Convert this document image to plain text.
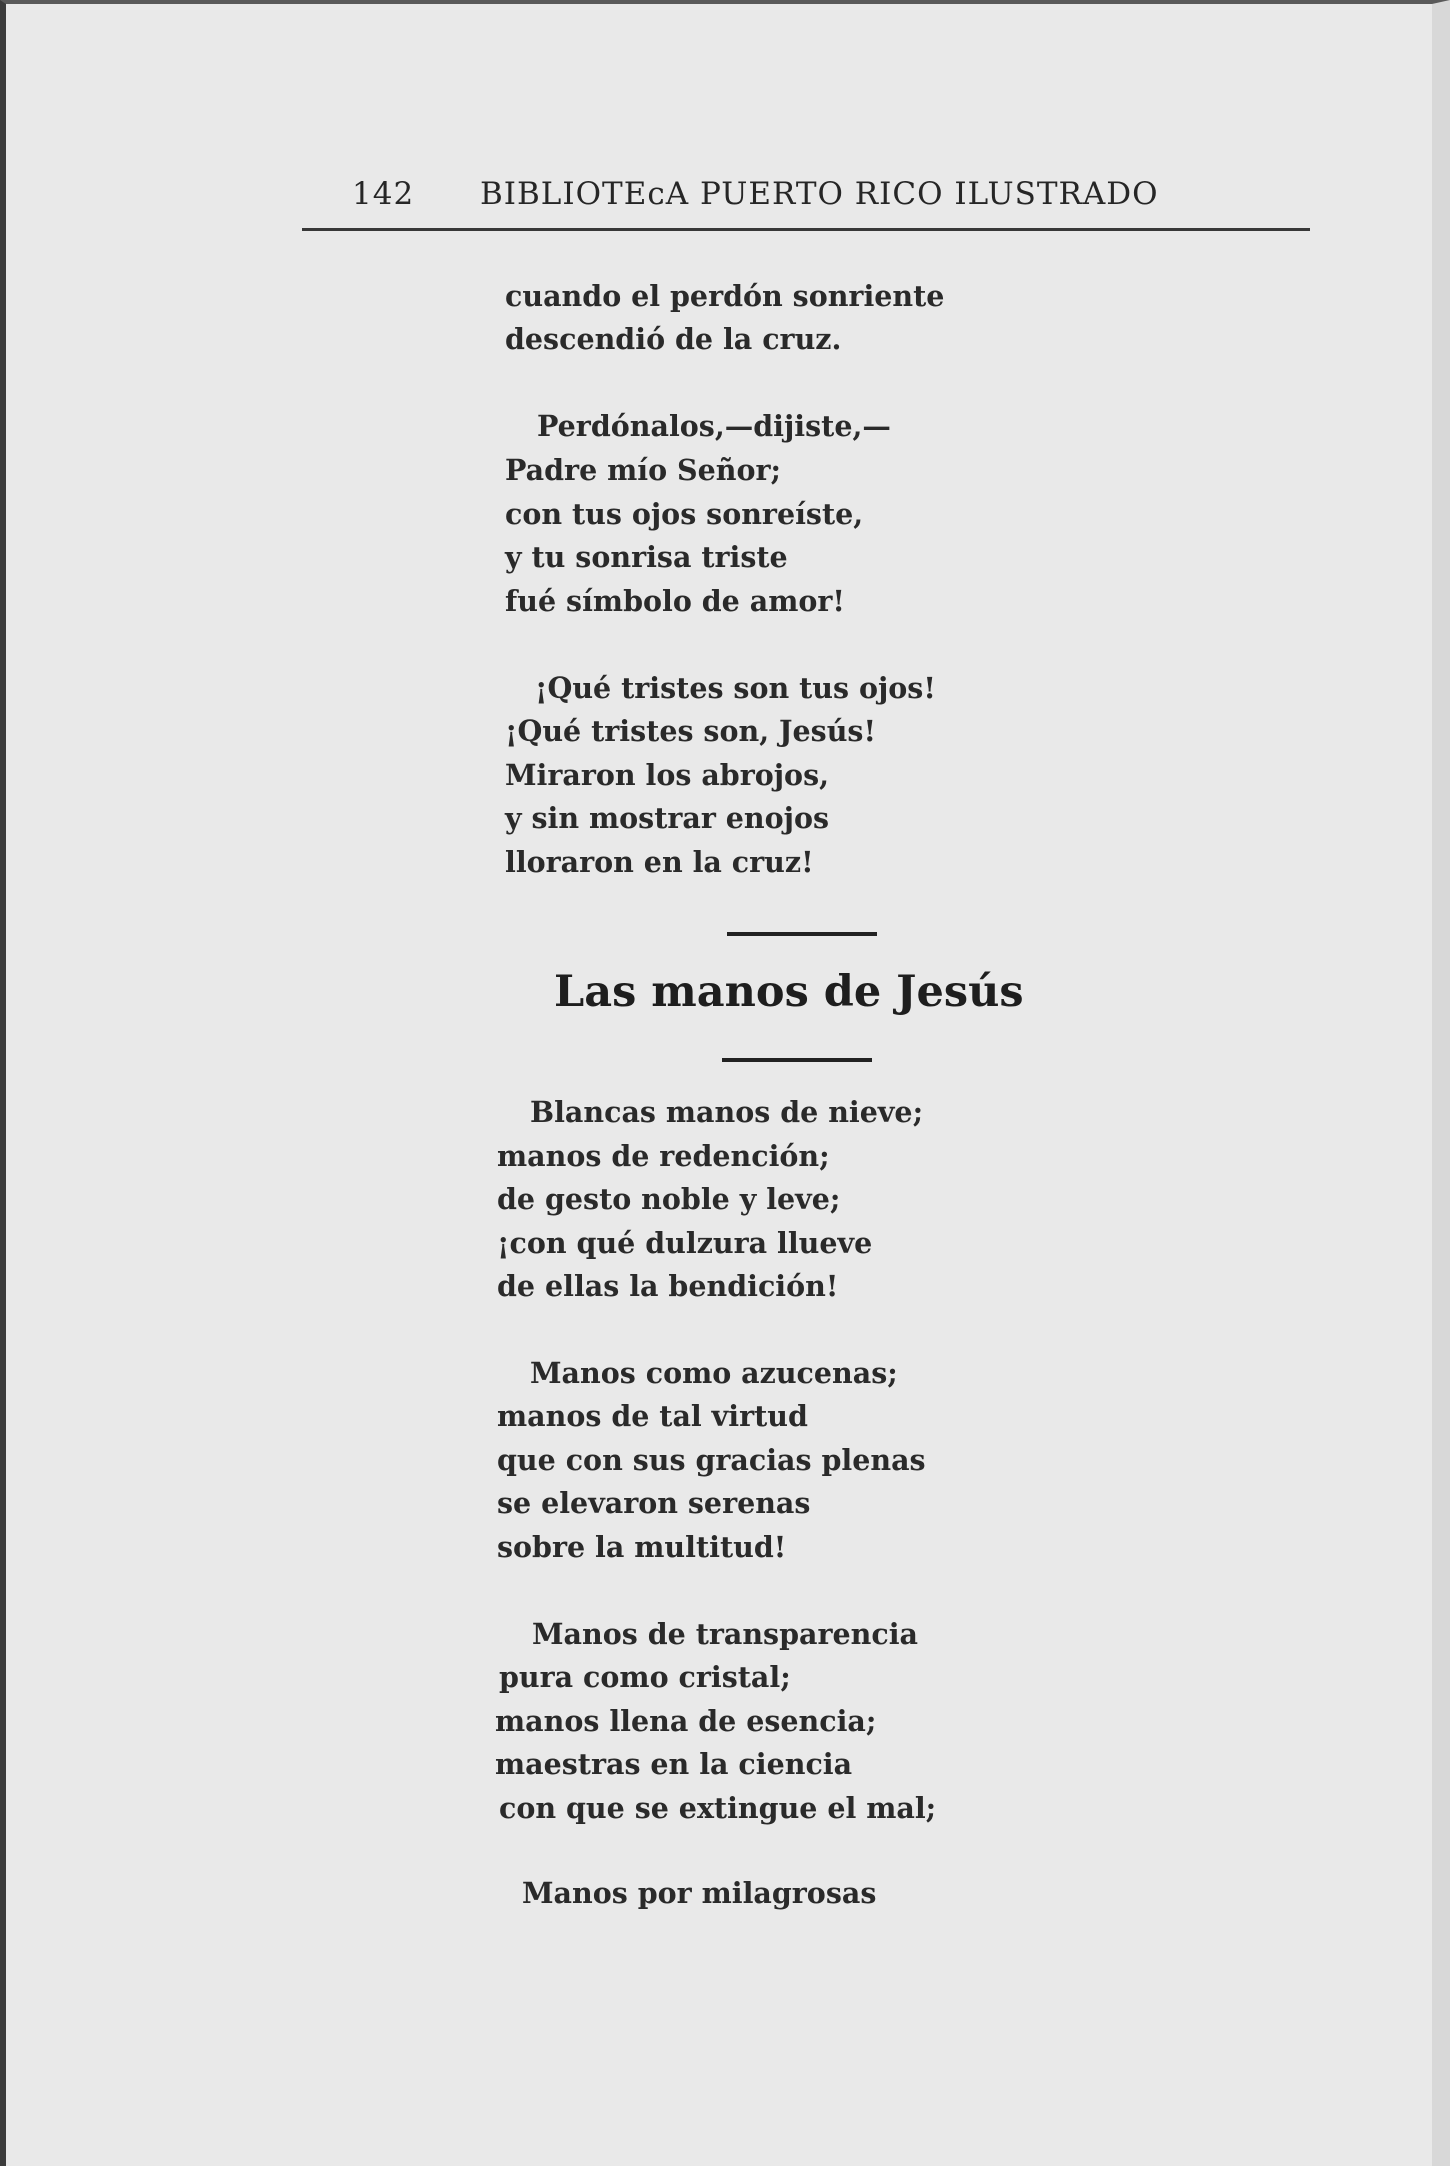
142 BIBLIOTEᴄA PUERTO RICO ILUSTRADO
cuando el perdón sonriente
descendió de la cruz.
Perdónalos,—dijiste,—
Padre mío Señor;
con tus ojos sonreíste,
y tu sonrisa triste
fué símbolo de amor!
¡Qué tristes son tus ojos!
¡Qué tristes son, Jesús!
Miraron los abrojos,
y sin mostrar enojos
lloraron en la cruz!
Las manos de Jesús
Blancas manos de nieve;
manos de redención;
de gesto noble y leve;
¡con qué dulzura llueve
de ellas la bendición!
Manos como azucenas;
manos de tal virtud
que con sus gracias plenas
se elevaron serenas
sobre la multitud!
Manos de transparencia
pura como cristal;
manos llena de esencia;
maestras en la ciencia
con que se extingue el mal;
Manos por milagrosas
